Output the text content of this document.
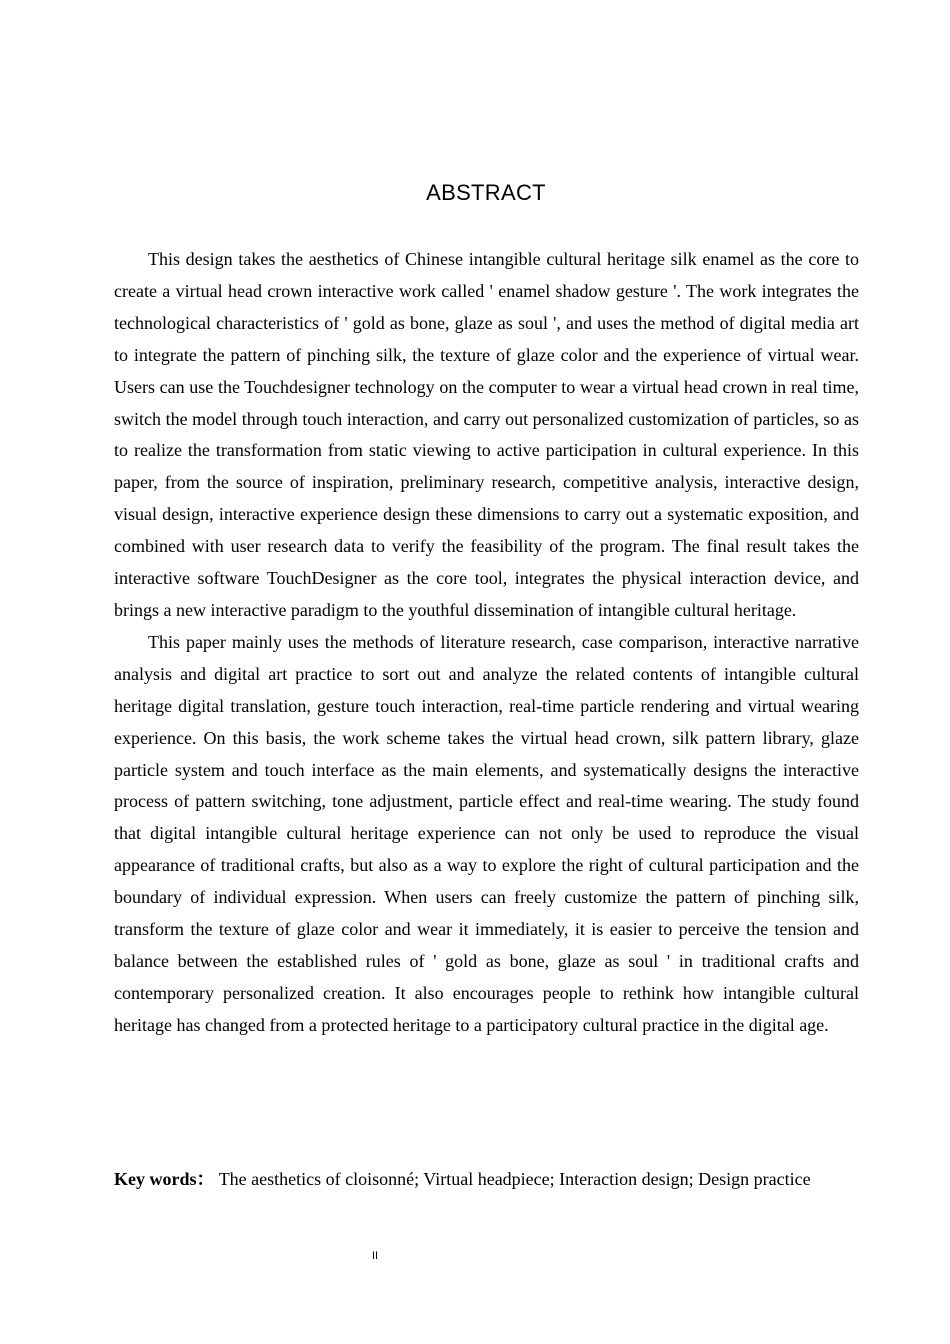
ABSTRACT

This design takes the aesthetics of Chinese intangible cultural heritage silk enamel as the core to create a virtual head crown interactive work called ' enamel shadow gesture '. The work integrates the technological characteristics of ' gold as bone, glaze as soul ', and uses the method of digital media art to integrate the pattern of pinching silk, the texture of glaze color and the experience of virtual wear. Users can use the Touchdesigner technology on the computer to wear a virtual head crown in real time, switch the model through touch interaction, and carry out personalized customization of particles, so as to realize the transformation from static viewing to active participation in cultural experience. In this paper, from the source of inspiration, preliminary research, competitive analysis, interactive design, visual design, interactive experience design these dimensions to carry out a systematic exposition, and combined with user research data to verify the feasibility of the program. The final result takes the interactive software TouchDesigner as the core tool, integrates the physical interaction device, and brings a new interactive paradigm to the youthful dissemination of intangible cultural heritage.

This paper mainly uses the methods of literature research, case comparison, interactive narrative analysis and digital art practice to sort out and analyze the related contents of intangible cultural heritage digital translation, gesture touch interaction, real-time particle rendering and virtual wearing experience. On this basis, the work scheme takes the virtual head crown, silk pattern library, glaze particle system and touch interface as the main elements, and systematically designs the interactive process of pattern switching, tone adjustment, particle effect and real-time wearing. The study found that digital intangible cultural heritage experience can not only be used to reproduce the visual appearance of traditional crafts, but also as a way to explore the right of cultural participation and the boundary of individual expression. When users can freely customize the pattern of pinching silk, transform the texture of glaze color and wear it immediately, it is easier to perceive the tension and balance between the established rules of ' gold as bone, glaze as soul ' in traditional crafts and contemporary personalized creation. It also encourages people to rethink how intangible cultural heritage has changed from a protected heritage to a participatory cultural practice in the digital age.

Key words： The aesthetics of cloisonné; Virtual headpiece; Interaction design; Design practice

II
